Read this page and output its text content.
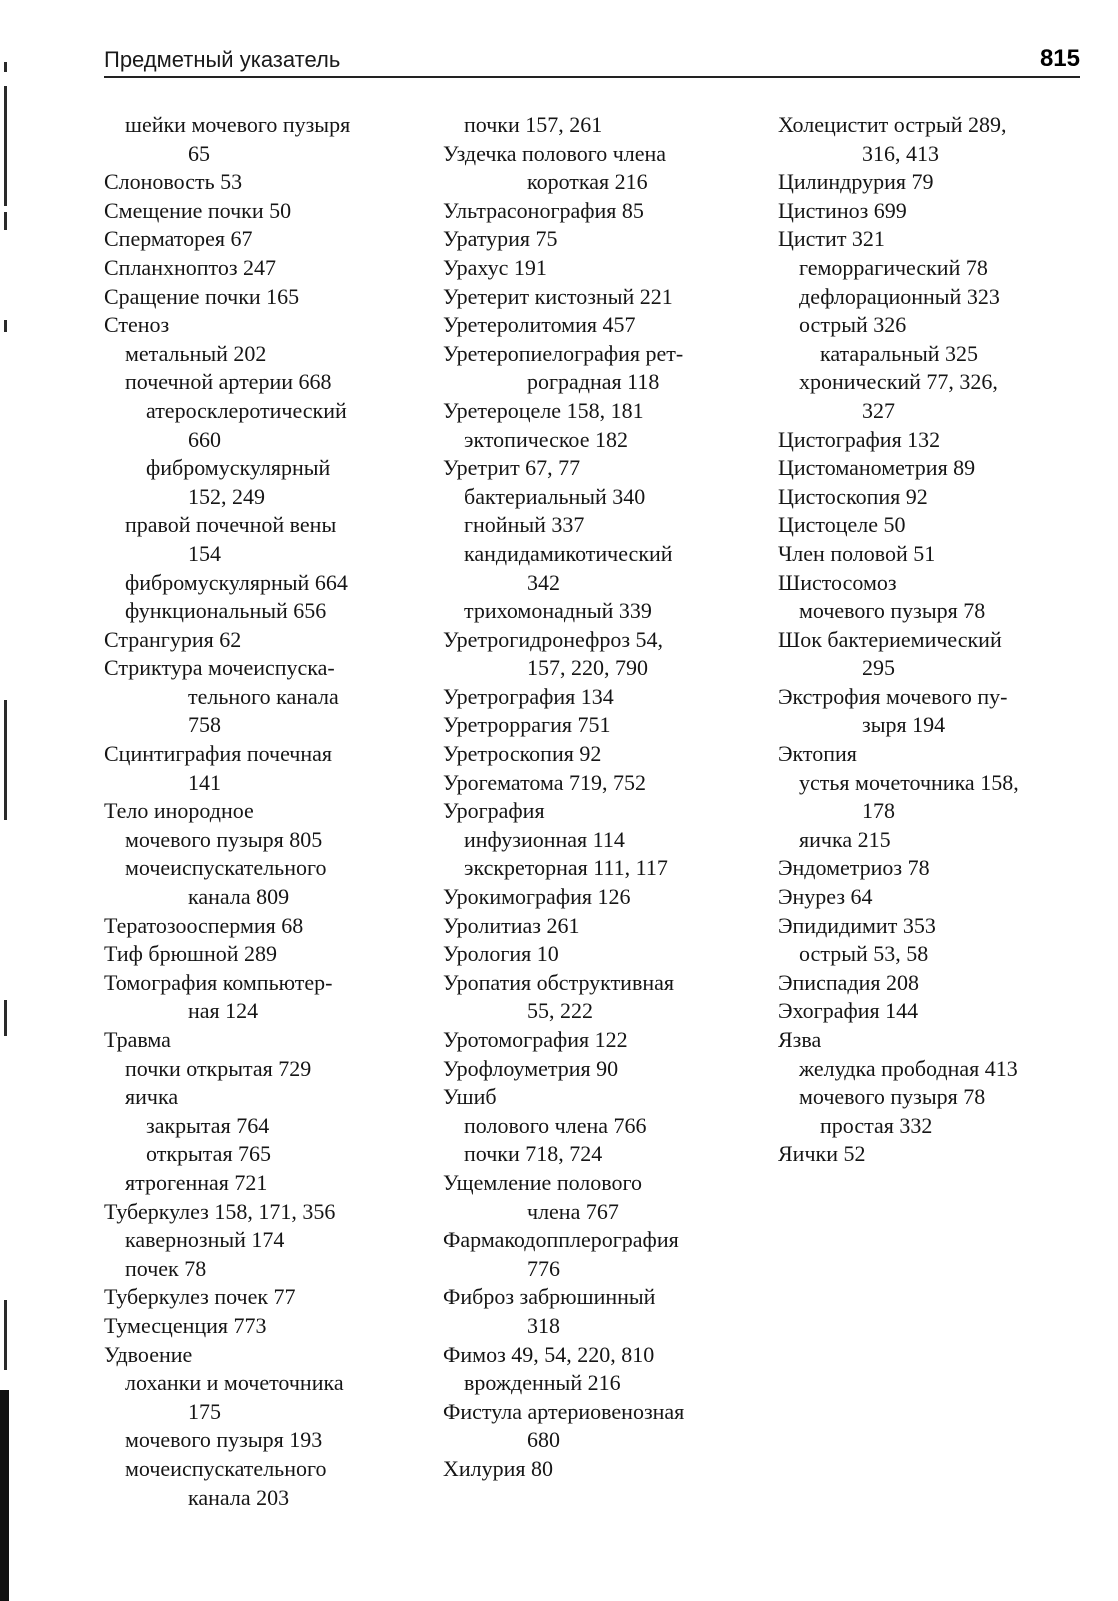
Предметный указатель	815
шейки мочевого пузыря
65
Слоновость 53
Смещение почки 50
Сперматорея 67
Спланхноптоз 247
Сращение почки 165
Стеноз
метальный 202
почечной артерии 668
атеросклеротический
660
фибромускулярный
152, 249
правой почечной вены
154
фибромускулярный 664
функциональный 656
Странгурия 62
Стриктура мочеиспуска-
тельного канала
758
Сцинтиграфия почечная
141
Тело инородное
мочевого пузыря 805
мочеиспускательного
канала 809
Тератозооспермия 68
Тиф брюшной 289
Томография компьютер-
ная 124
Травма
почки открытая 729
яичка
закрытая 764
открытая 765
ятрогенная 721
Туберкулез 158, 171, 356
кавернозный 174
почек 78
Туберкулез почек 77
Тумесценция 773
Удвоение
лоханки и мочеточника
175
мочевого пузыря 193
мочеиспускательного
канала 203
почки 157, 261
Уздечка полового члена
короткая 216
Ультрасонография 85
Уратурия 75
Урахус 191
Уретерит кистозный 221
Уретеролитомия 457
Уретеропиелография рет-
роградная 118
Уретероцеле 158, 181
эктопическое 182
Уретрит 67, 77
бактериальный 340
гнойный 337
кандидамикотический
342
трихомонадный 339
Уретрогидронефроз 54,
157, 220, 790
Уретрография 134
Уретроррагия 751
Уретроскопия 92
Урогематома 719, 752
Урография
инфузионная 114
экскреторная 111, 117
Урокимография 126
Уролитиаз 261
Урология 10
Уропатия обструктивная
55, 222
Уротомография 122
Урофлоуметрия 90
Ушиб
полового члена 766
почки 718, 724
Ущемление полового
члена 767
Фармакодопплерография
776
Фиброз забрюшинный
318
Фимоз 49, 54, 220, 810
врожденный 216
Фистула артериовенозная
680
Хилурия 80
Холецистит острый 289,
316, 413
Цилиндрурия 79
Цистиноз 699
Цистит 321
геморрагический 78
дефлорационный 323
острый 326
катаральный 325
хронический 77, 326,
327
Цистография 132
Цистоманометрия 89
Цистоскопия 92
Цистоцеле 50
Член половой 51
Шистосомоз
мочевого пузыря 78
Шок бактериемический
295
Экстрофия мочевого пу-
зыря 194
Эктопия
устья мочеточника 158,
178
яичка 215
Эндометриоз 78
Энурез 64
Эпидидимит 353
острый 53, 58
Эписпадия 208
Эхография 144
Язва
желудка прободная 413
мочевого пузыря 78
простая 332
Яички 52
